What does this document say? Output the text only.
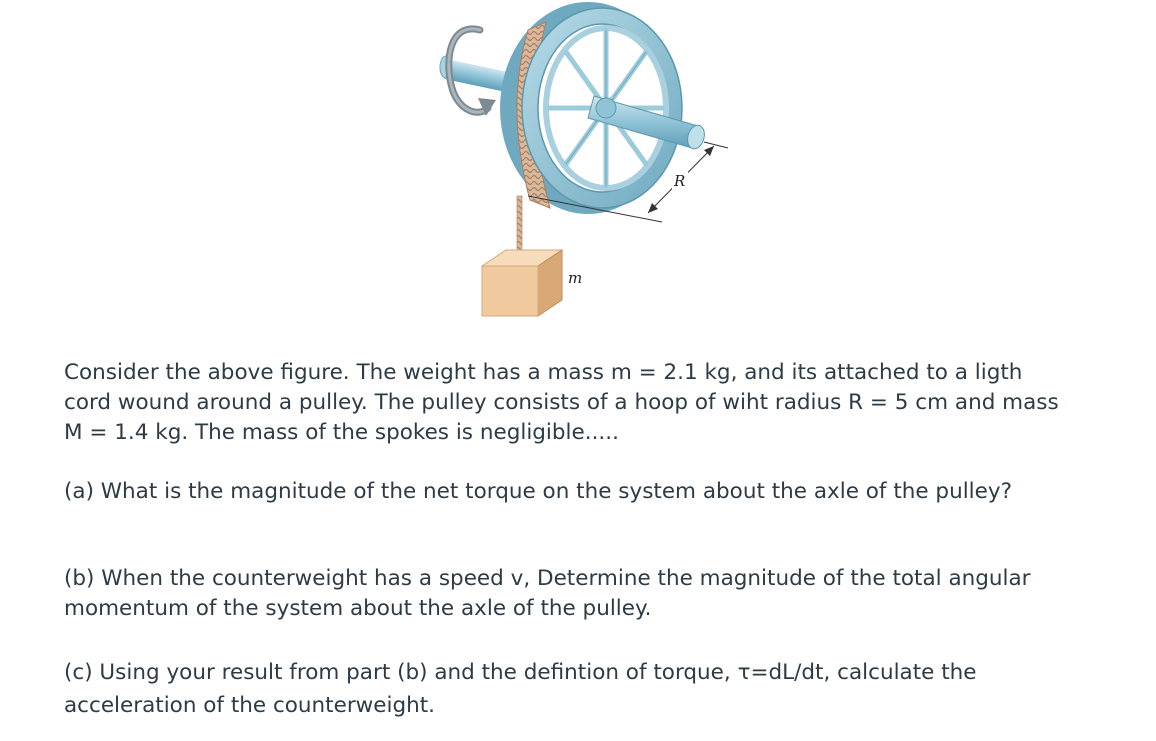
R
m

Consider the above figure. The weight has a mass m = 2.1 kg, and its attached to a ligth cord wound around a pulley. The pulley consists of a hoop of wiht radius R = 5 cm and mass M = 1.4 kg. The mass of the spokes is negligible.....

(a) What is the magnitude of the net torque on the system about the axle of the pulley?

(b) When the counterweight has a speed v, Determine the magnitude of the total angular momentum of the system about the axle of the pulley.

(c) Using your result from part (b) and the defintion of torque, τ=dL/dt, calculate the acceleration of the counterweight.
